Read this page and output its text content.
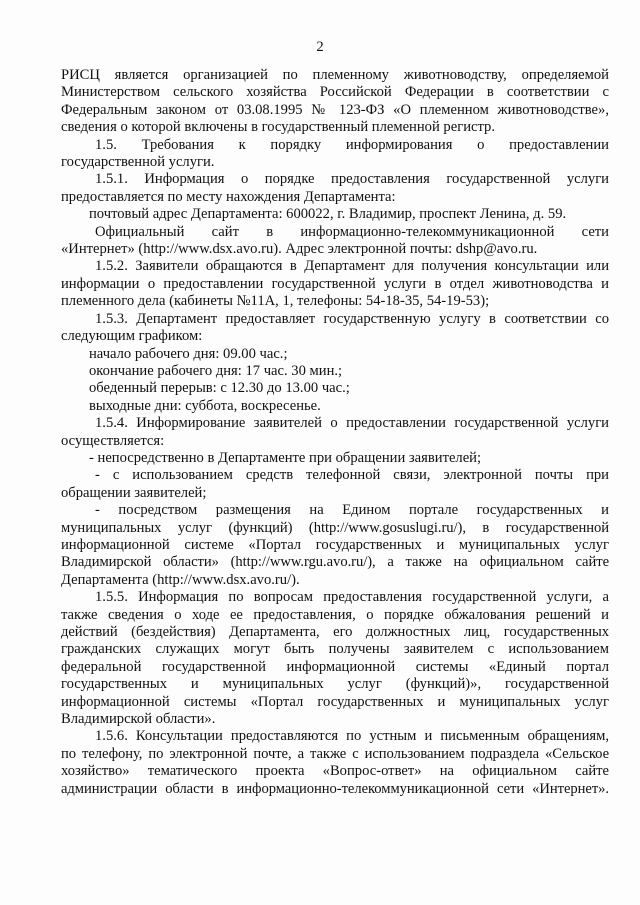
2

РИСЦ является организацией по племенному животноводству, определяемой

Министерством сельского хозяйства Российской Федерации в соответствии с

Федеральным законом от 03.08.1995 № 123-ФЗ «О племенном животноводстве»,

сведения о которой включены в государственный племенной регистр.

1.5. Требования к порядку информирования о предоставлении

государственной услуги.

1.5.1. Информация о порядке предоставления государственной услуги

предоставляется по месту нахождения Департамента:

почтовый адрес Департамента: 600022, г. Владимир, проспект Ленина, д. 59.

Официальный сайт в информационно-телекоммуникационной сети

«Интернет» (http://www.dsx.avo.ru). Адрес электронной почты: dshp@avo.ru.

1.5.2. Заявители обращаются в Департамент для получения консультации или

информации о предоставлении государственной услуги в отдел животноводства и

племенного дела (кабинеты №11А, 1, телефоны: 54-18-35, 54-19-53);

1.5.3. Департамент предоставляет государственную услугу в соответствии со

следующим графиком:

начало рабочего дня: 09.00 час.;

окончание рабочего дня: 17 час. 30 мин.;

обеденный перерыв: с 12.30 до 13.00 час.;

выходные дни: суббота, воскресенье.

1.5.4. Информирование заявителей о предоставлении государственной услуги

осуществляется:

- непосредственно в Департаменте при обращении заявителей;

- с использованием средств телефонной связи, электронной почты при

обращении заявителей;

- посредством размещения на Едином портале государственных и

муниципальных услуг (функций) (http://www.gosuslugi.ru/), в государственной

информационной системе «Портал государственных и муниципальных услуг

Владимирской области» (http://www.rgu.avo.ru/), а также на официальном сайте

Департамента (http://www.dsx.avo.ru/).

1.5.5. Информация по вопросам предоставления государственной услуги, а

также сведения о ходе ее предоставления, о порядке обжалования решений и

действий (бездействия) Департамента, его должностных лиц, государственных

гражданских служащих могут быть получены заявителем с использованием

федеральной государственной информационной системы «Единый портал

государственных и муниципальных услуг (функций)», государственной

информационной системы «Портал государственных и муниципальных услуг

Владимирской области».

1.5.6. Консультации предоставляются по устным и письменным обращениям,

по телефону, по электронной почте, а также с использованием подраздела «Сельское

хозяйство» тематического проекта «Вопрос-ответ» на официальном сайте

администрации области в информационно-телекоммуникационной сети «Интернет».
